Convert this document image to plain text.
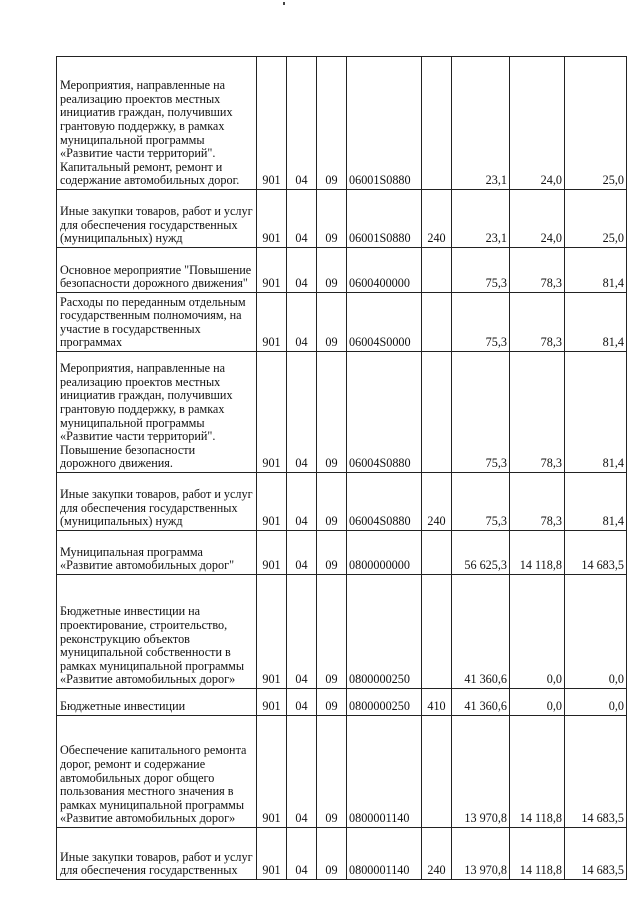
Мероприятия, направленные на реализацию проектов местных инициатив граждан, получивших грантовую поддержку, в рамках муниципальной программы «Развитие части территорий". Капитальный ремонт, ремонт и содержание автомобильных дорог.	901	04	09	06001S0880		23,1	24,0	25,0
Иные закупки товаров, работ и услуг для обеспечения государственных (муниципальных) нужд	901	04	09	06001S0880	240	23,1	24,0	25,0
Основное мероприятие "Повышение безопасности дорожного движения"	901	04	09	0600400000		75,3	78,3	81,4
Расходы по переданным отдельным государственным полномочиям, на участие в государственных программах	901	04	09	06004S0000		75,3	78,3	81,4
Мероприятия, направленные на реализацию проектов местных инициатив граждан, получивших грантовую поддержку, в рамках муниципальной программы «Развитие части территорий". Повышение безопасности дорожного движения.	901	04	09	06004S0880		75,3	78,3	81,4
Иные закупки товаров, работ и услуг для обеспечения государственных (муниципальных) нужд	901	04	09	06004S0880	240	75,3	78,3	81,4
Муниципальная программа «Развитие автомобильных дорог"	901	04	09	0800000000		56 625,3	14 118,8	14 683,5
Бюджетные инвестиции на проектирование, строительство, реконструкцию объектов муниципальной собственности в рамках муниципальной программы «Развитие автомобильных дорог»	901	04	09	0800000250		41 360,6	0,0	0,0
Бюджетные инвестиции	901	04	09	0800000250	410	41 360,6	0,0	0,0
Обеспечение капитального ремонта дорог, ремонт и содержание автомобильных дорог общего пользования местного значения в рамках муниципальной программы «Развитие автомобильных дорог»	901	04	09	0800001140		13 970,8	14 118,8	14 683,5
Иные закупки товаров, работ и услуг для обеспечения государственных	901	04	09	0800001140	240	13 970,8	14 118,8	14 683,5
